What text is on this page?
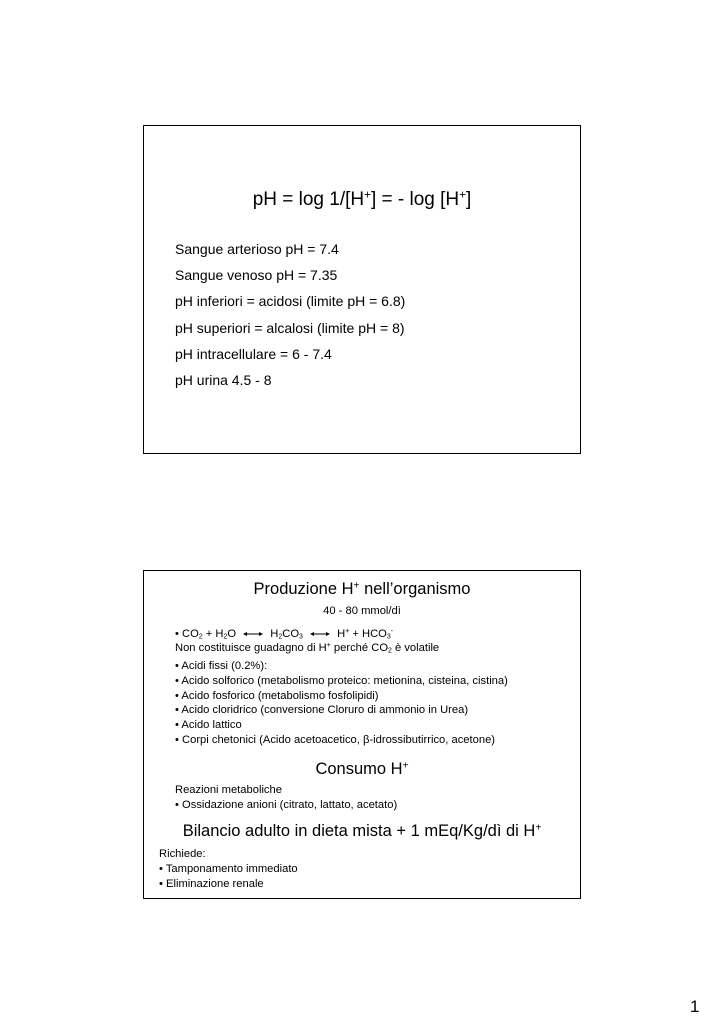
pH = log 1/[H+] = - log [H+]
Sangue arterioso pH = 7.4
Sangue venoso pH = 7.35
pH inferiori = acidosi (limite pH = 6.8)
pH superiori = alcalosi (limite pH = 8)
pH intracellulare = 6 - 7.4
pH urina 4.5 - 8
Produzione H+ nell’organismo
40 - 80 mmol/dì
• $CO_2 + H_2O$	$H_2CO_3$	$H^+ + HCO_3^-$
Non costituisce guadagno di H+ perché $CO_2$ è volatile
• Acidi fissi (0.2%):
• Acido solforico (metabolismo proteico: metionina, cisteina, cistina)
• Acido fosforico (metabolismo fosfolipidi)
• Acido cloridrico (conversione Cloruro di ammonio in Urea)
• Acido lattico
• Corpi chetonici (Acido acetoacetico, β-idrossibutirrico, acetone)
Consumo H+
Reazioni metaboliche
• Ossidazione anioni (citrato, lattato, acetato)
Bilancio adulto in dieta mista + 1 mEq/Kg/dì di H+
Richiede:
• Tamponamento immediato
• Eliminazione renale
1
